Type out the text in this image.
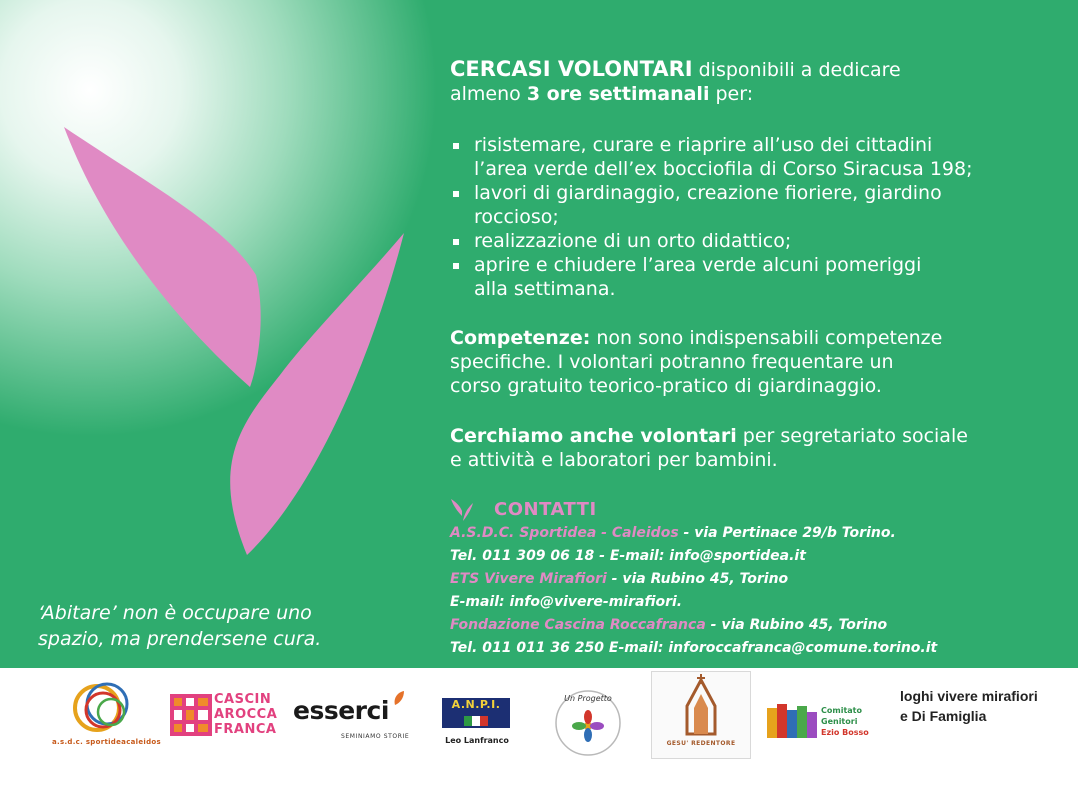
CERCASI VOLONTARI disponibili a dedicare
almeno 3 ore settimanali per:
risistemare, curare e riaprire all’uso dei cittadini
l’area verde dell’ex bocciofila di Corso Siracusa 198;
lavori di giardinaggio, creazione fioriere, giardino
roccioso;
realizzazione di un orto didattico;
aprire e chiudere l’area verde alcuni pomeriggi
alla settimana.
Competenze: non sono indispensabili competenze
specifiche. I volontari potranno frequentare un
corso gratuito teorico-pratico di giardinaggio.
Cerchiamo anche volontari per segretariato sociale
e attività e laboratori per bambini.
CONTATTI
A.S.D.C. Sportidea - Caleidos - via Pertinace 29/b Torino.
Tel. 011 309 06 18 - E-mail: info@sportidea.it
ETS Vivere Mirafiori - via Rubino 45, Torino
E-mail: info@vivere-mirafiori.
Fondazione Cascina Roccafranca - via Rubino 45, Torino
Tel. 011 011 36 250 E-mail: inforoccafranca@comune.torino.it
‘Abitare’ non è occupare uno
spazio, ma prendersene cura.
a.s.d.c. sportideacaleidos
CASCIN
AROCCA
FRANCA
esserci
SEMINIAMO STORIE
A.N.P.I.
Leo Lanfranco
Un Progetto
GESU' REDENTORE
Comitato
Genitori
Ezio Bosso
loghi vivere mirafiori
e Di Famiglia
